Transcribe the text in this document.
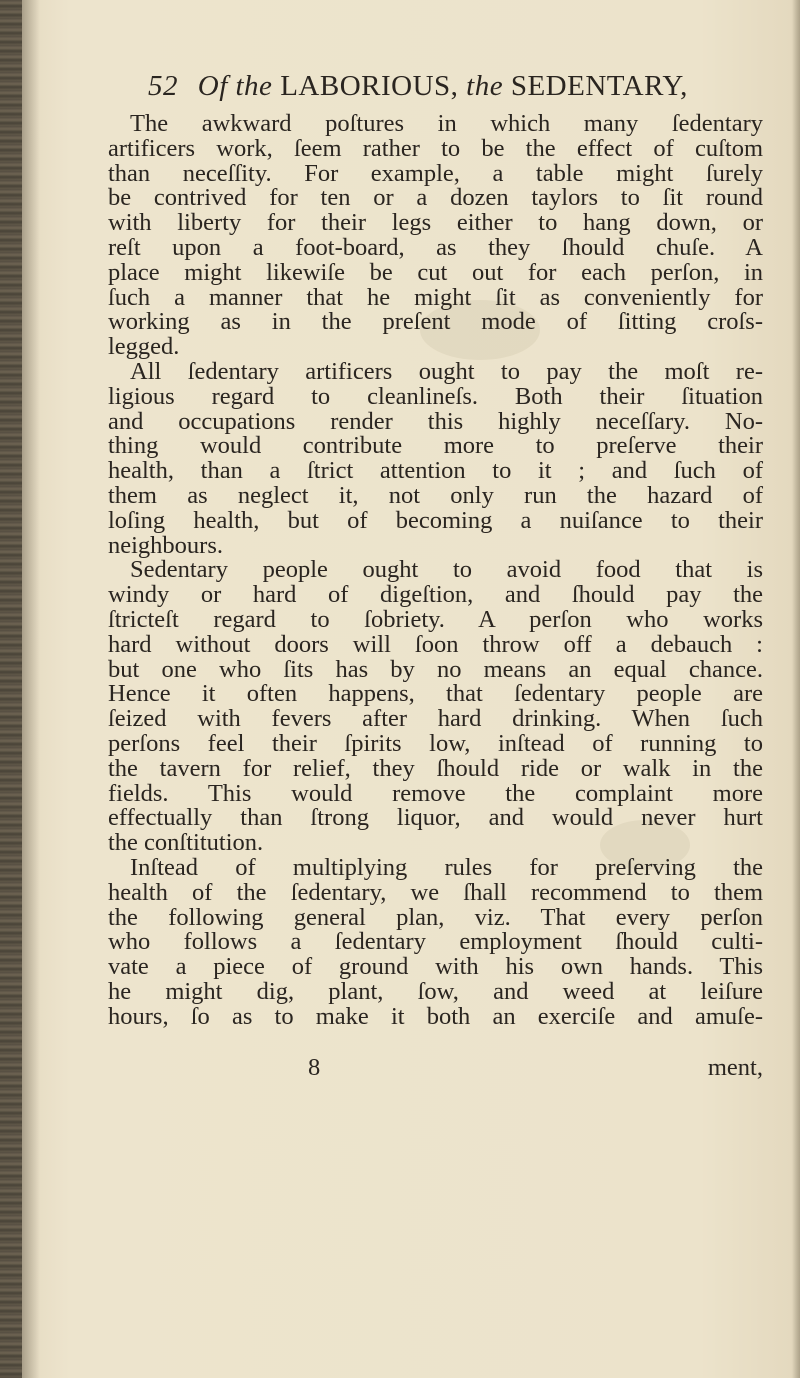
52 Of the LABORIOUS, the SEDENTARY,
The awkward poſtures in which many ſedentary
artificers work, ſeem rather to be the effect of cuſtom
than neceſſity. For example, a table might ſurely
be contrived for ten or a dozen taylors to ſit round
with liberty for their legs either to hang down, or
reſt upon a foot-board, as they ſhould chuſe. A
place might likewiſe be cut out for each perſon, in
ſuch a manner that he might ſit as conveniently for
working as in the preſent mode of ſitting croſs-
legged.
All ſedentary artificers ought to pay the moſt re-
ligious regard to cleanlineſs. Both their ſituation
and occupations render this highly neceſſary. No-
thing would contribute more to preſerve their
health, than a ſtrict attention to it ; and ſuch of
them as neglect it, not only run the hazard of
loſing health, but of becoming a nuiſance to their
neighbours.
Sedentary people ought to avoid food that is
windy or hard of digeſtion, and ſhould pay the
ſtricteſt regard to ſobriety. A perſon who works
hard without doors will ſoon throw off a debauch :
but one who ſits has by no means an equal chance.
Hence it often happens, that ſedentary people are
ſeized with fevers after hard drinking. When ſuch
perſons feel their ſpirits low, inſtead of running to
the tavern for relief, they ſhould ride or walk in the
fields. This would remove the complaint more
effectually than ſtrong liquor, and would never hurt
the conſtitution.
Inſtead of multiplying rules for preſerving the
health of the ſedentary, we ſhall recommend to them
the following general plan, viz. That every perſon
who follows a ſedentary employment ſhould culti-
vate a piece of ground with his own hands. This
he might dig, plant, ſow, and weed at leiſure
hours, ſo as to make it both an exerciſe and amuſe-
8	ment,
